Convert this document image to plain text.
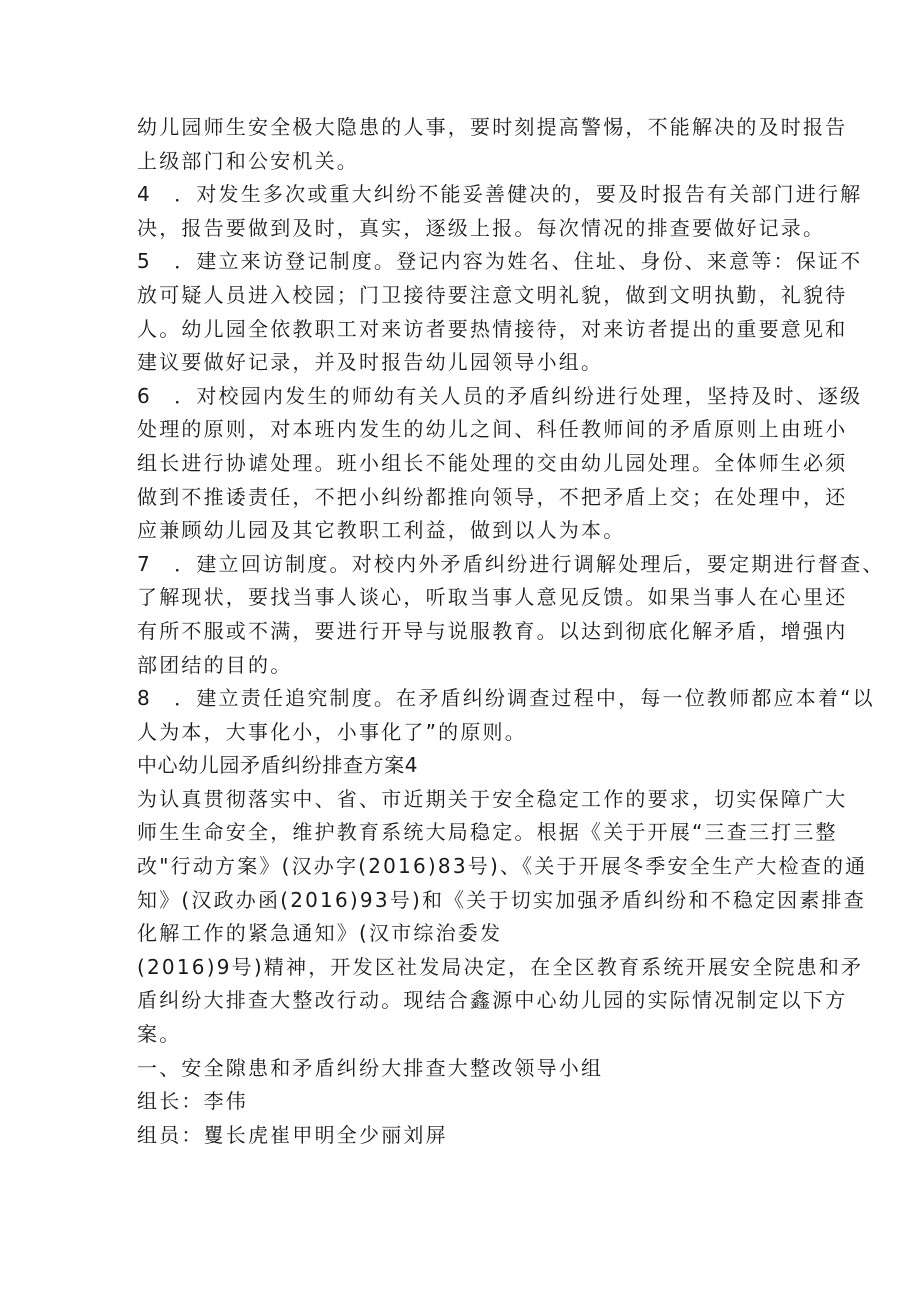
幼儿园师生安全极大隐患的人事，要时刻提高警惕，不能解决的及时报告
上级部门和公安机关。
4　．对发生多次或重大纠纷不能妥善健决的，要及时报告有关部门进行解
决，报告要做到及时，真实，逐级上报。每次情况的排查要做好记录。
5　．建立来访登记制度。登记内容为姓名、住址、身份、来意等：保证不
放可疑人员进入校园；门卫接待要注意文明礼貌，做到文明执勤，礼貌待
人。幼儿园全依教职工对来访者要热情接待，对来访者提出的重要意见和
建议要做好记录，并及时报告幼儿园领导小组。
6　．对校园内发生的师幼有关人员的矛盾纠纷进行处理，坚持及时、逐级
处理的原则，对本班内发生的幼儿之间、科任教师间的矛盾原则上由班小
组长进行协谑处理。班小组长不能处理的交由幼儿园处理。全体师生必须
做到不推诿责任，不把小纠纷都推向领导，不把矛盾上交；在处理中，还
应兼顾幼儿园及其它教职工利益，做到以人为本。
7　．建立回访制度。对校内外矛盾纠纷进行调解处理后，要定期进行督查、
了解现状，要找当事人谈心，听取当事人意见反馈。如果当事人在心里还
有所不服或不满，要进行开导与说服教育。以达到彻底化解矛盾，增强内
部团结的目的。
8　．建立责任追究制度。在矛盾纠纷调查过程中，每一位教师都应本着“以
人为本，大事化小，小事化了”的原则。
中心幼儿园矛盾纠纷排查方案4
为认真贯彻落实中、省、市近期关于安全稳定工作的要求，切实保障广大
师生生命安全，维护教育系统大局稳定。根据《关于开展“三查三打三整
改"行动方案》(汉办字(2016)83号)、《关于开展冬季安全生产大检查的通
知》(汉政办函(2016)93号)和《关于切实加强矛盾纠纷和不稳定因素排查
化解工作的紧急通知》(汉市综治委发
(2016)9号)精神，开发区社发局决定，在全区教育系统开展安全院患和矛
盾纠纷大排查大整改行动。现结合鑫源中心幼儿园的实际情况制定以下方
案。
一、安全隙患和矛盾纠纷大排查大整改领导小组
组长：李伟
组员：矍长虎崔甲明全少丽刘屏
